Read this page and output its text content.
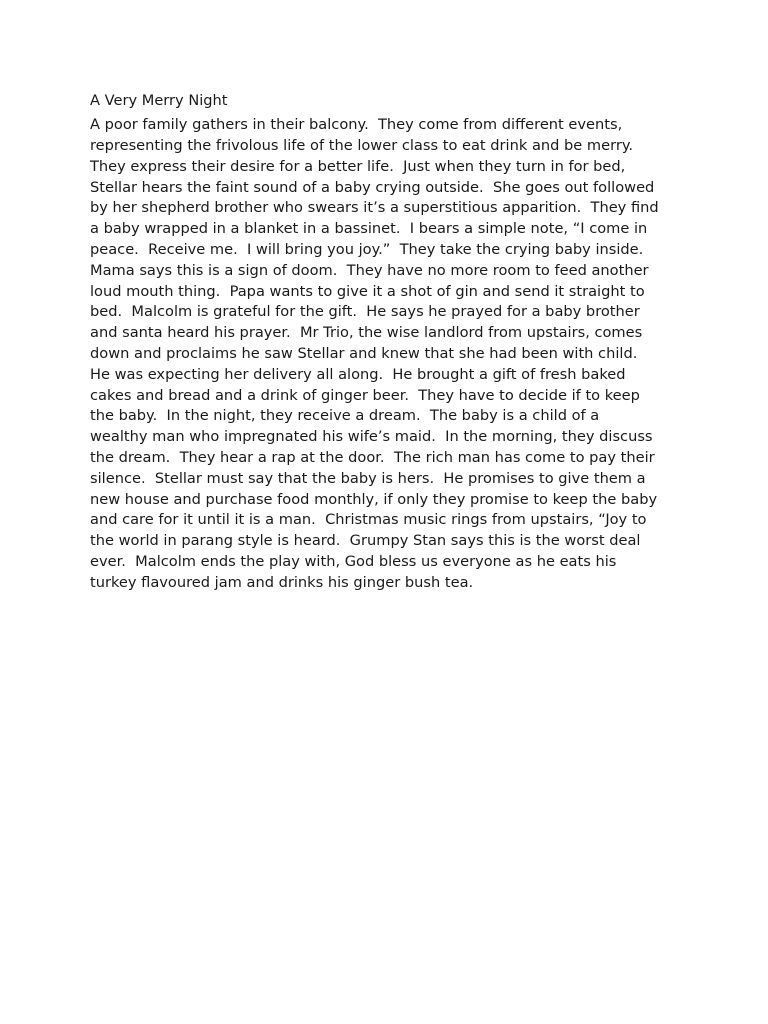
A Very Merry Night
A poor family gathers in their balcony.  They come from different events,
representing the frivolous life of the lower class to eat drink and be merry.
They express their desire for a better life.  Just when they turn in for bed,
Stellar hears the faint sound of a baby crying outside.  She goes out followed
by her shepherd brother who swears it’s a superstitious apparition.  They find
a baby wrapped in a blanket in a bassinet.  I bears a simple note, “I come in
peace.  Receive me.  I will bring you joy.”  They take the crying baby inside.
Mama says this is a sign of doom.  They have no more room to feed another
loud mouth thing.  Papa wants to give it a shot of gin and send it straight to
bed.  Malcolm is grateful for the gift.  He says he prayed for a baby brother
and santa heard his prayer.  Mr Trio, the wise landlord from upstairs, comes
down and proclaims he saw Stellar and knew that she had been with child.
He was expecting her delivery all along.  He brought a gift of fresh baked
cakes and bread and a drink of ginger beer.  They have to decide if to keep
the baby.  In the night, they receive a dream.  The baby is a child of a
wealthy man who impregnated his wife’s maid.  In the morning, they discuss
the dream.  They hear a rap at the door.  The rich man has come to pay their
silence.  Stellar must say that the baby is hers.  He promises to give them a
new house and purchase food monthly, if only they promise to keep the baby
and care for it until it is a man.  Christmas music rings from upstairs, “Joy to
the world in parang style is heard.  Grumpy Stan says this is the worst deal
ever.  Malcolm ends the play with, God bless us everyone as he eats his
turkey flavoured jam and drinks his ginger bush tea.
